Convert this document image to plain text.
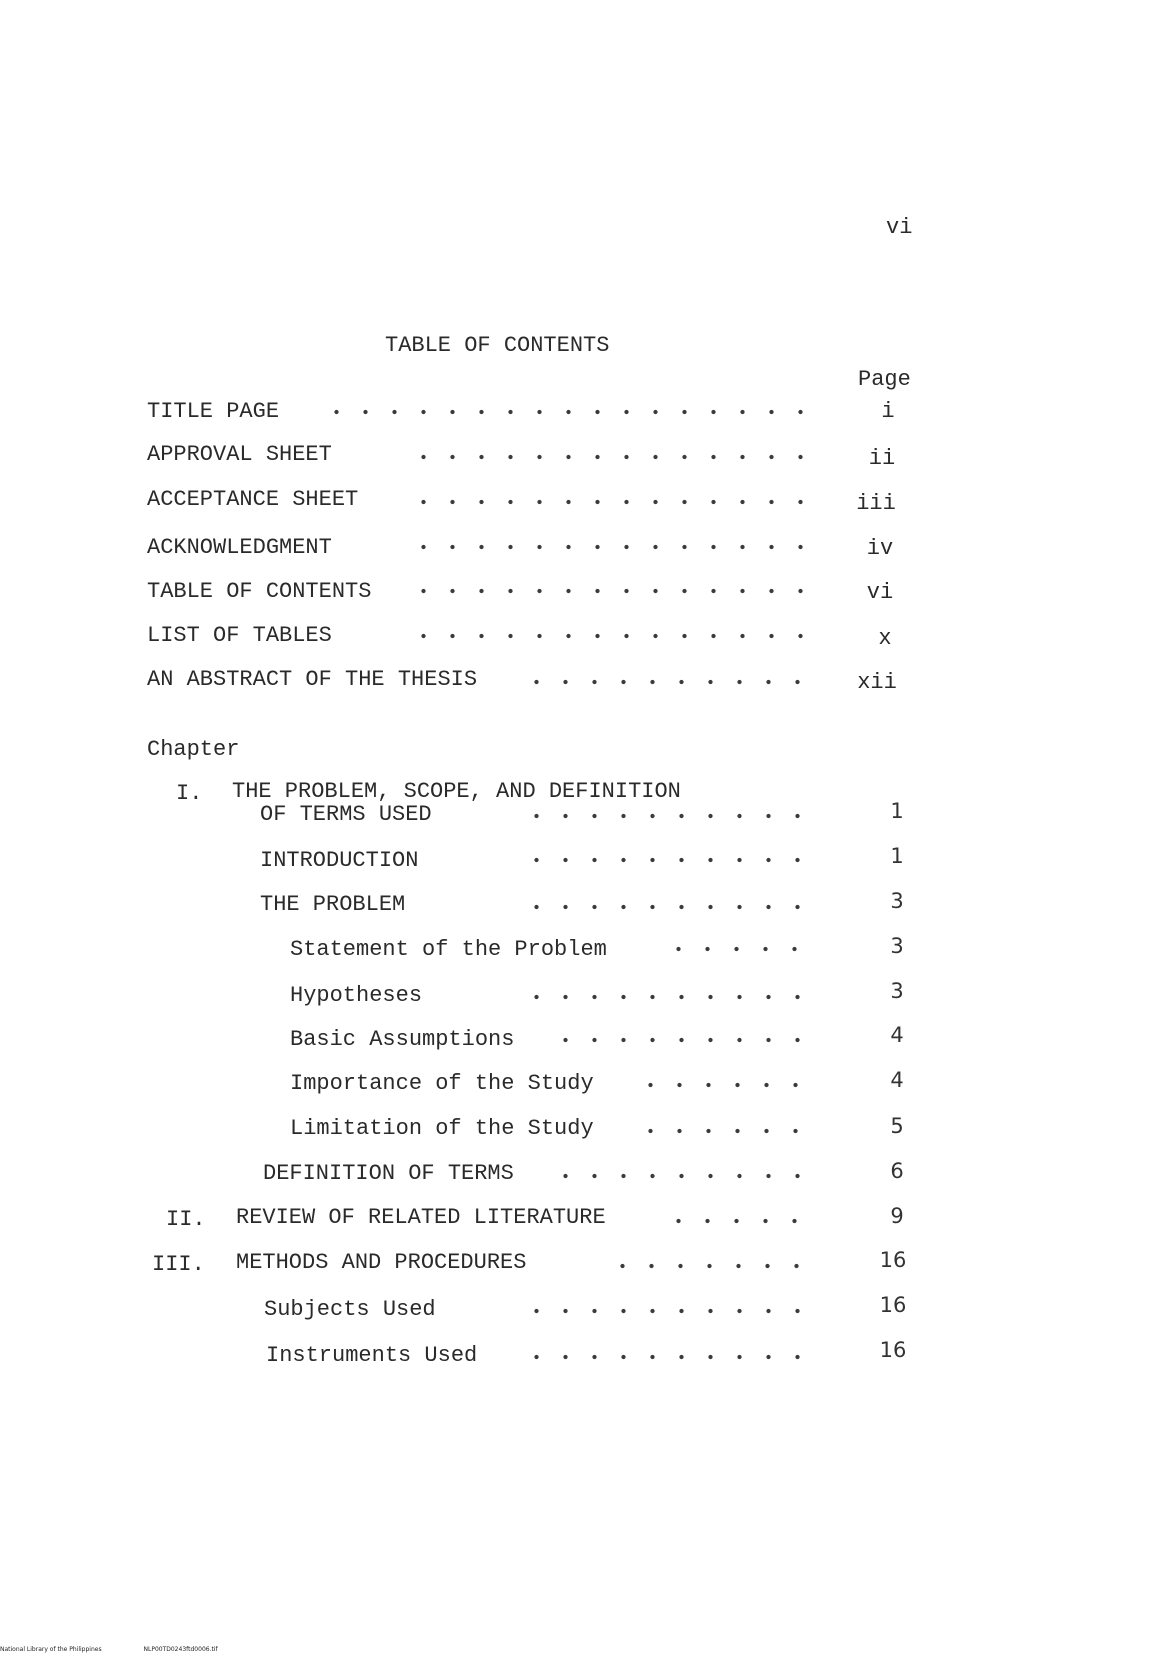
vi
TABLE OF CONTENTS
Page
TITLE PAGE	i
APPROVAL SHEET	ii
ACCEPTANCE SHEET	iii
ACKNOWLEDGMENT	iv
TABLE OF CONTENTS	vi
LIST OF TABLES	x
AN ABSTRACT OF THE THESIS	xii
Chapter
I. THE PROBLEM, SCOPE, AND DEFINITION
OF TERMS USED	1
INTRODUCTION	1
THE PROBLEM	3
Statement of the Problem	3
Hypotheses	3
Basic Assumptions	4
Importance of the Study	4
Limitation of the Study	5
DEFINITION OF TERMS	6
II. REVIEW OF RELATED LITERATURE	9
III. METHODS AND PROCEDURES	16
Subjects Used	16
Instruments Used	16
National Library of the Philippines	NLP00TD0243ftd0006.tif
